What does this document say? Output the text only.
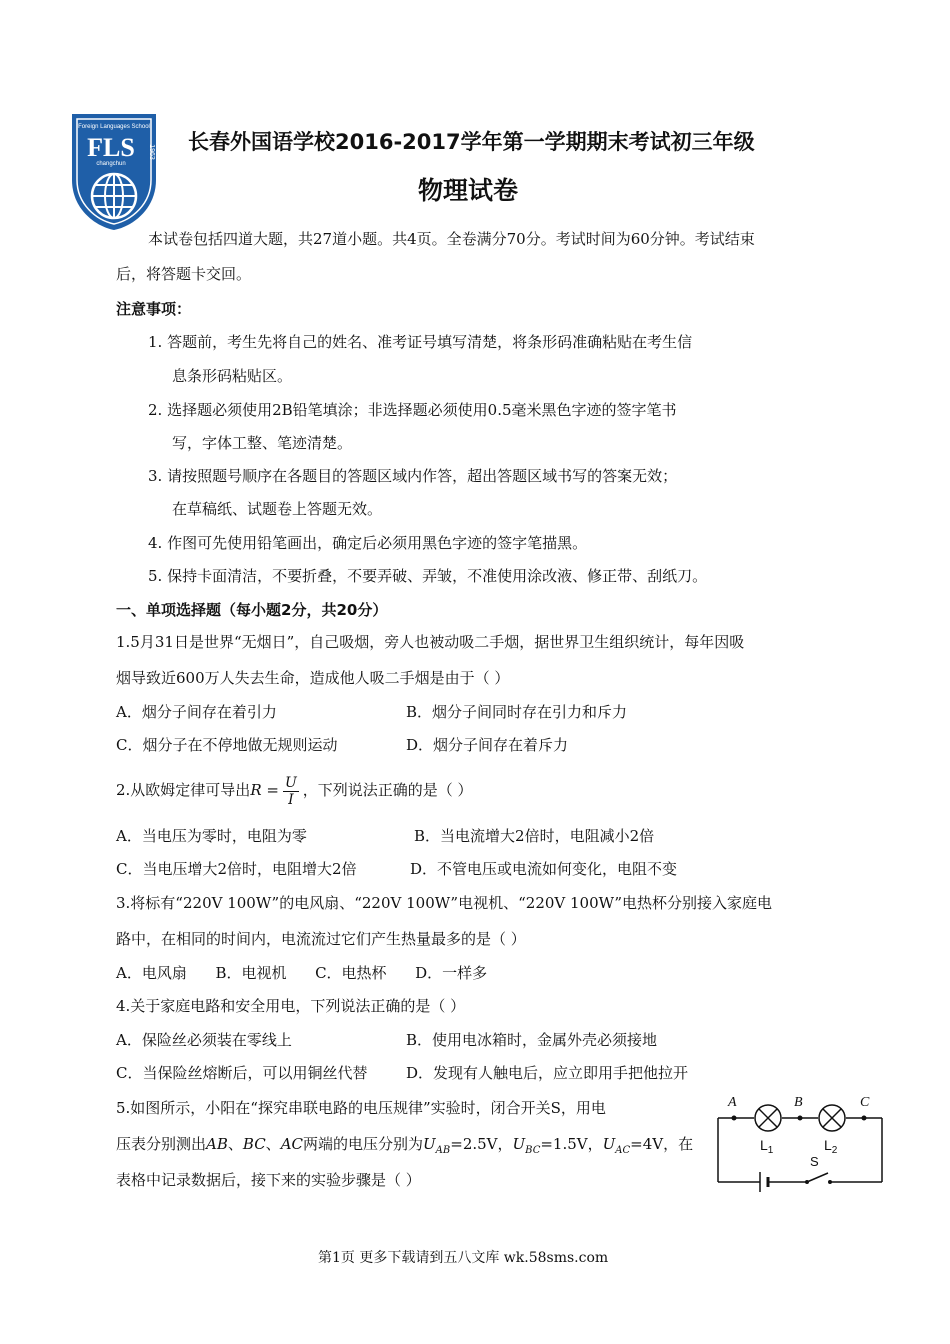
Foreign Languages School
FLS
changchun
1963 长春外国语学校2016-2017学年第一学期期末考试初三年级
物理试卷
本试卷包括四道大题，共27道小题。共4页。全卷满分70分。考试时间为60分钟。考试结束
后，将答题卡交回。
注意事项：
1. 答题前，考生先将自己的姓名、准考证号填写清楚，将条形码准确粘贴在考生信
息条形码粘贴区。
2. 选择题必须使用2B铅笔填涂；非选择题必须使用0.5毫米黑色字迹的签字笔书
写，字体工整、笔迹清楚。
3. 请按照题号顺序在各题目的答题区域内作答，超出答题区域书写的答案无效；
在草稿纸、试题卷上答题无效。
4. 作图可先使用铅笔画出，确定后必须用黑色字迹的签字笔描黑。
5. 保持卡面清洁，不要折叠，不要弄破、弄皱，不准使用涂改液、修正带、刮纸刀。
一、单项选择题（每小题2分，共20分）
1.5月31日是世界“无烟日”，自己吸烟，旁人也被动吸二手烟，据世界卫生组织统计，每年因吸
烟导致近600万人失去生命，造成他人吸二手烟是由于（ ）
A．烟分子间存在着引力	B．烟分子间同时存在引力和斥力
C．烟分子在不停地做无规则运动	D．烟分子间存在着斥力
2.从欧姆定律可导出$R = \frac{U}{I}$ ，下列说法正确的是（ ）
A．当电压为零时，电阻为零	B．当电流增大2倍时，电阻减小2倍
C．当电压增大2倍时，电阻增大2倍	D．不管电压或电流如何变化，电阻不变
3.将标有“220V 100W”的电风扇、“220V 100W”电视机、“220V 100W”电热杯分别接入家庭电
路中，在相同的时间内，电流流过它们产生热量最多的是（ ）
A．电风扇      B．电视机      C．电热杯      D．一样多
4.关于家庭电路和安全用电，下列说法正确的是（ ）
A．保险丝必须装在零线上	B．使用电冰箱时，金属外壳必须接地
C．当保险丝熔断后，可以用铜丝代替	D．发现有人触电后，应立即用手把他拉开
5.如图所示，小阳在“探究串联电路的电压规律”实验时，闭合开关S，用电
压表分别测出AB、BC、AC两端的电压分别为$U_{AB}=2.5V$，$U_{BC}=1.5V$，$U_{AC}=4V$，在
表格中记录数据后，接下来的实验步骤是（ ）
A	B	C
$L_1$	$L_2$
S
第1页 更多下载请到五八文库 wk.58sms.com
